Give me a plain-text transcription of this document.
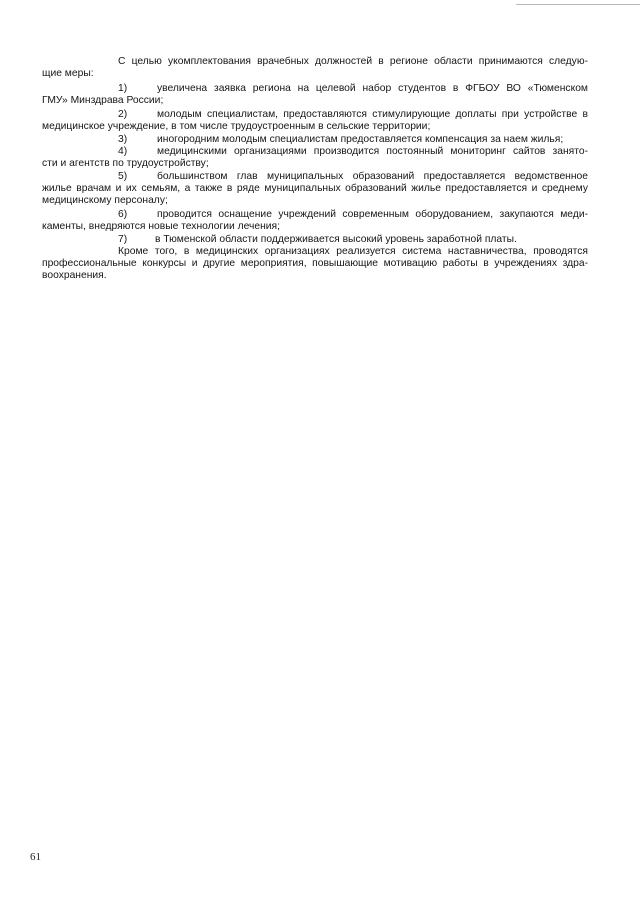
С целью укомплектования врачебных должностей в регионе области принимаются следую-
щие меры:
1)	увеличена заявка региона на целевой набор студентов в ФГБОУ ВО «Тюменском
ГМУ» Минздрава России;
2)	молодым специалистам, предоставляются стимулирующие доплаты при устройстве в
медицинское учреждение, в том числе трудоустроенным в сельские территории;
3)	иногородним молодым специалистам предоставляется компенсация за наем жилья;
4)	медицинскими организациями производится постоянный мониторинг сайтов занято-
сти и агентств по трудоустройству;
5)	большинством глав муниципальных образований предоставляется ведомственное
жилье врачам и их семьям, а также в ряде муниципальных образований жилье предоставляется и среднему
медицинскому персоналу;
6)	проводится оснащение учреждений современным оборудованием, закупаются меди-
каменты, внедряются новые технологии лечения;
7)	в Тюменской области поддерживается высокий уровень заработной платы.
Кроме того, в медицинских организациях реализуется система наставничества, проводятся
профессиональные конкурсы и другие мероприятия, повышающие мотивацию работы в учреждениях здра-
воохранения.
61
